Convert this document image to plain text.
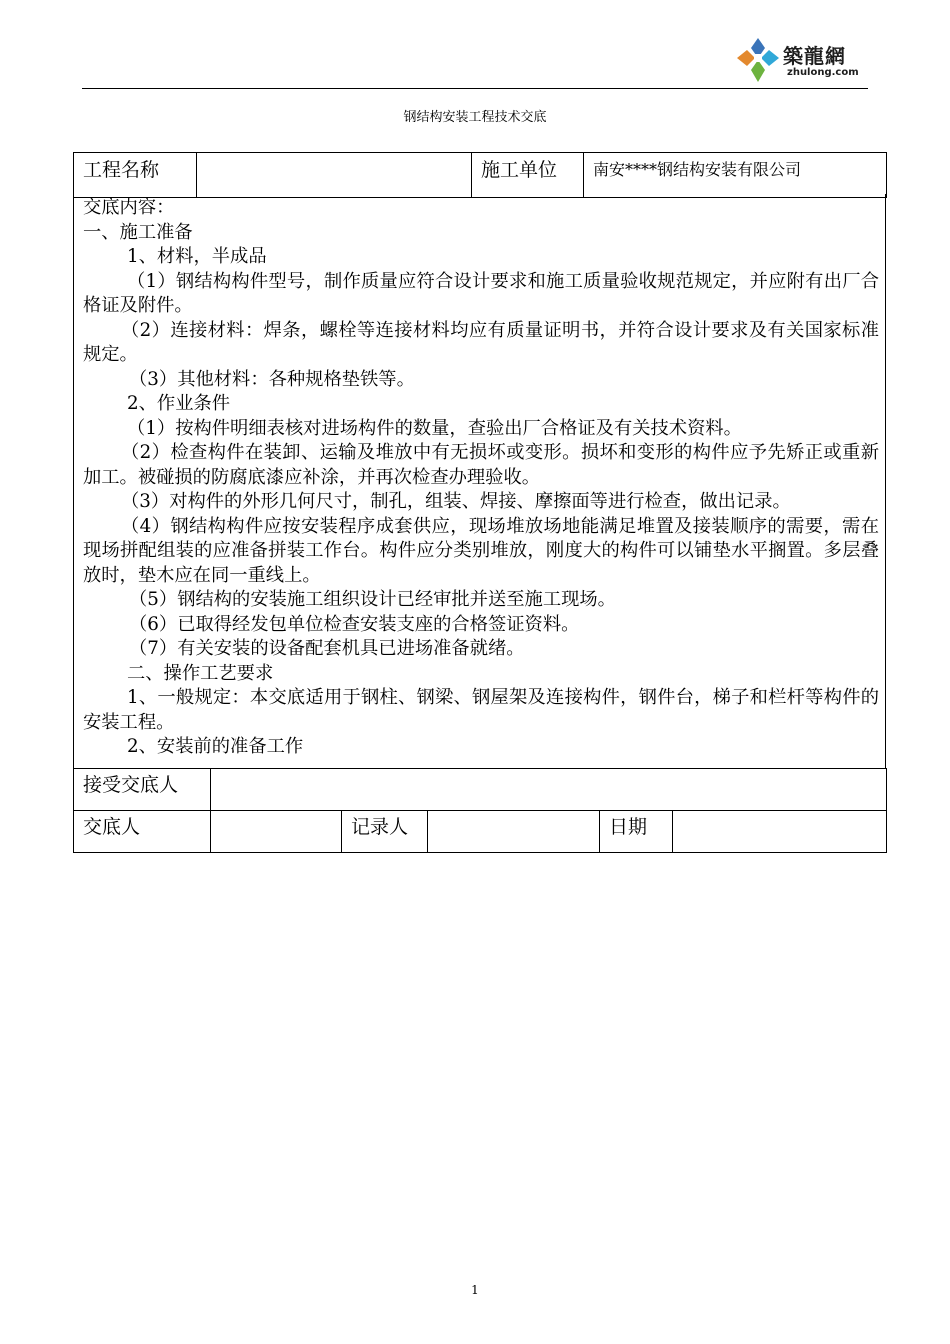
築龍網
zhulong.com
钢结构安装工程技术交底
工程名称		施工单位	南安****钢结构安装有限公司

交底内容：

一、施工准备

1、材料，半成品

（1）钢结构构件型号，制作质量应符合设计要求和施工质量验收规范规定，并应附有出厂合格证及附件。

（2）连接材料：焊条，螺栓等连接材料均应有质量证明书，并符合设计要求及有关国家标准规定。

（3）其他材料：各种规格垫铁等。

2、作业条件

（1）按构件明细表核对进场构件的数量，查验出厂合格证及有关技术资料。

（2）检查构件在装卸、运输及堆放中有无损坏或变形。损坏和变形的构件应予先矫正或重新加工。被碰损的防腐底漆应补涂，并再次检查办理验收。

（3）对构件的外形几何尺寸，制孔，组装、焊接、摩擦面等进行检查，做出记录。

（4）钢结构构件应按安装程序成套供应，现场堆放场地能满足堆置及接装顺序的需要，需在现场拼配组装的应准备拼装工作台。构件应分类别堆放，刚度大的构件可以铺垫水平搁置。多层叠放时，垫木应在同一重线上。

（5）钢结构的安装施工组织设计已经审批并送至施工现场。

（6）已取得经发包单位检查安装支座的合格签证资料。

（7）有关安装的设备配套机具已进场准备就绪。

二、操作工艺要求

1、一般规定：本交底适用于钢柱、钢梁、钢屋架及连接构件，钢件台，梯子和栏杆等构件的安装工程。

2、安装前的准备工作

接受交底人					
交底人		记录人		日期	
1
